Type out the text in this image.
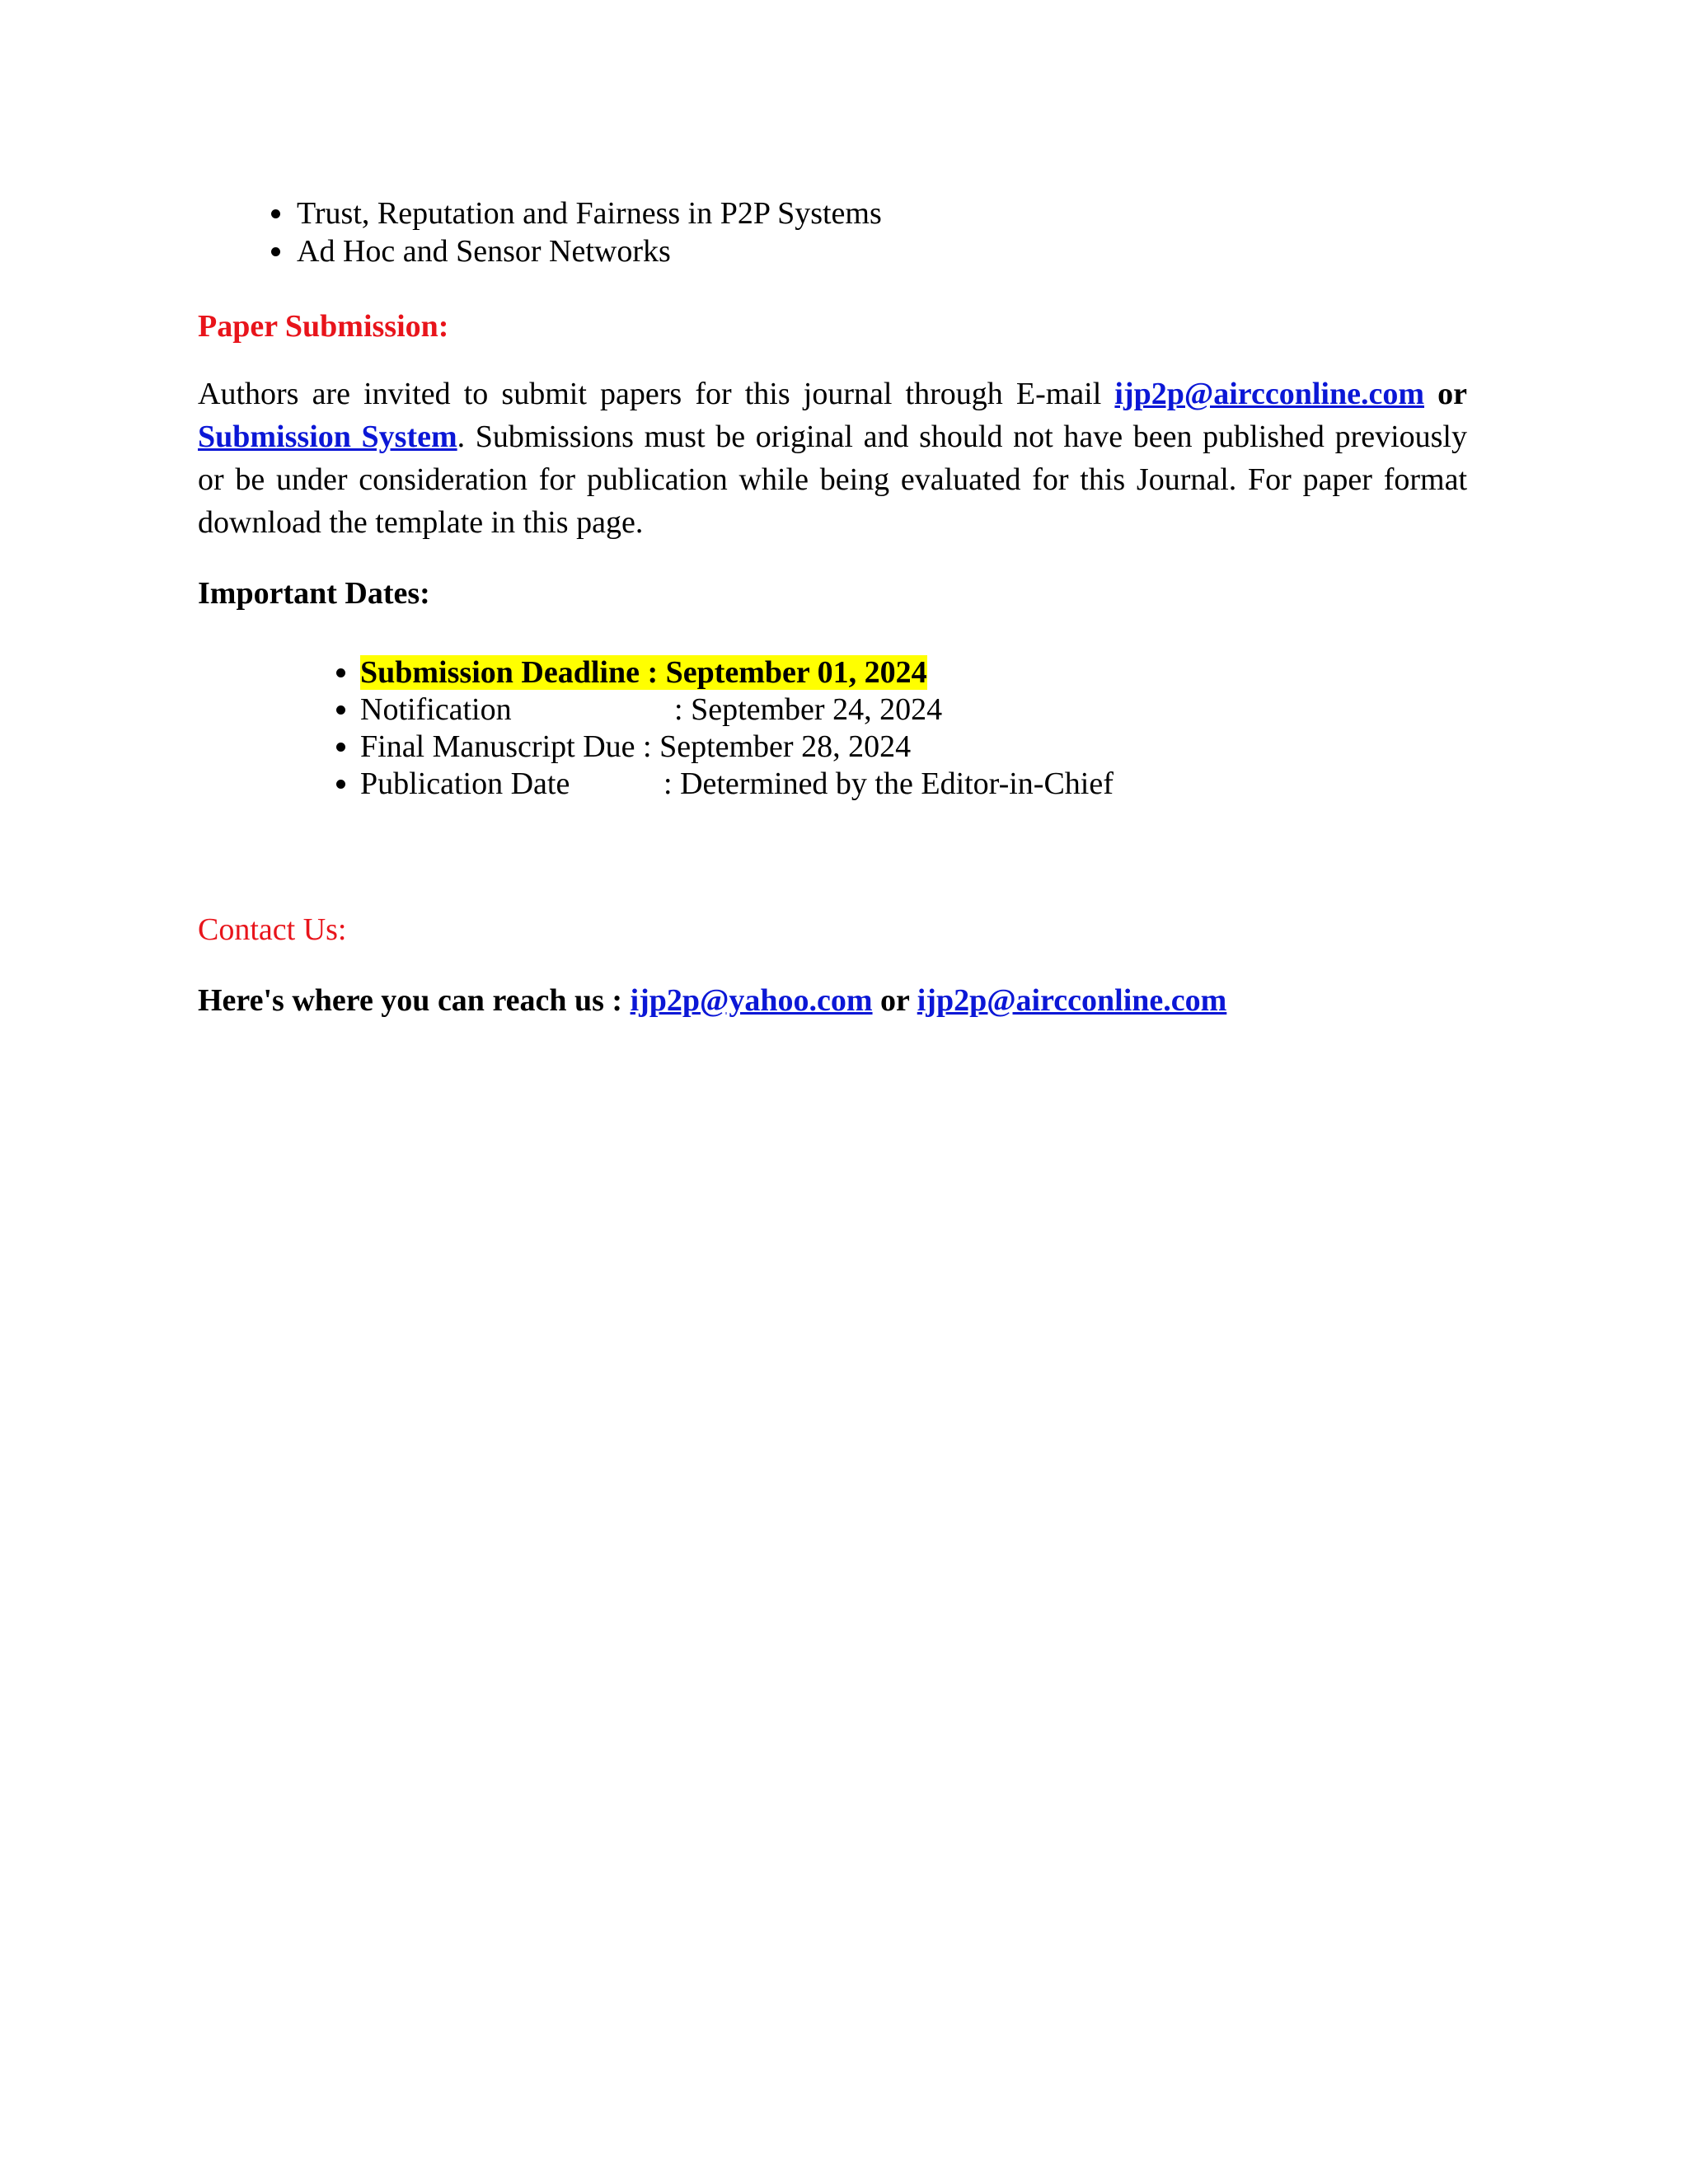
• Trust, Reputation and Fairness in P2P Systems
• Ad Hoc and Sensor Networks
Paper Submission:
Authors are invited to submit papers for this journal through E-mail ijp2p@aircconline.com or Submission System. Submissions must be original and should not have been published previously or be under consideration for publication while being evaluated for this Journal. For paper format download the template in this page.
Important Dates:
• Submission Deadline : September 01, 2024
• Notification	: September 24, 2024
• Final Manuscript Due : September 28, 2024
• Publication Date	: Determined by the Editor-in-Chief
Contact Us:
Here's where you can reach us : ijp2p@yahoo.com or ijp2p@aircconline.com
